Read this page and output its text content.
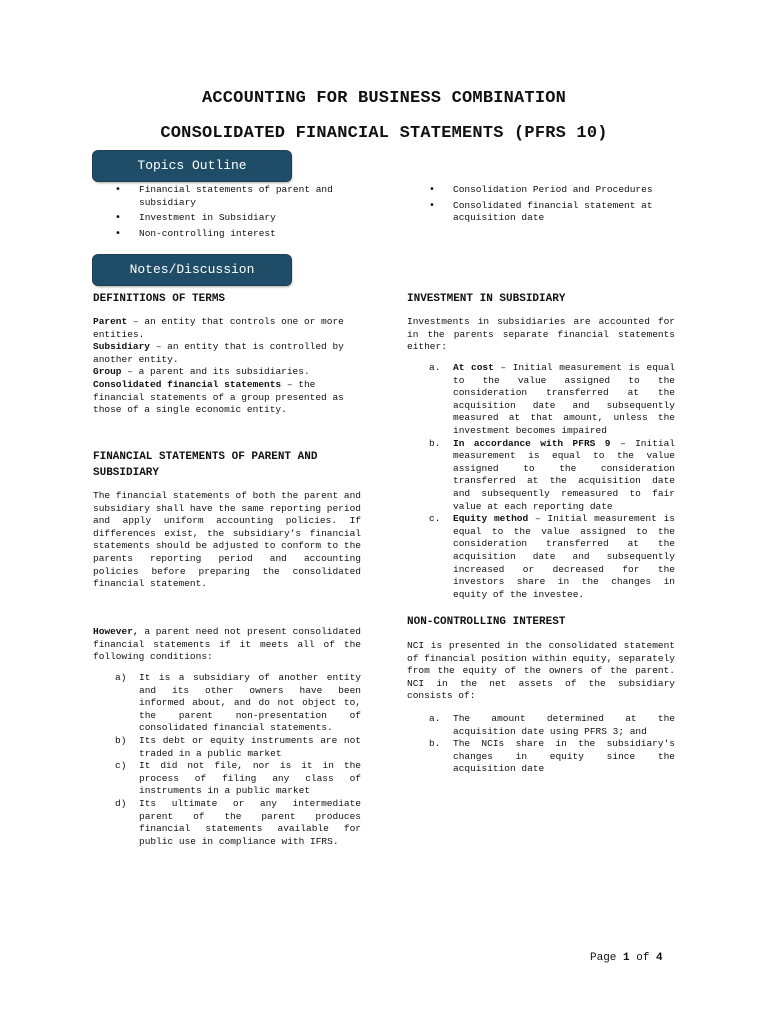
ACCOUNTING FOR BUSINESS COMBINATION
CONSOLIDATED FINANCIAL STATEMENTS (PFRS 10)
Topics Outline
• Financial statements of parent and subsidiary
• Investment in Subsidiary
• Non-controlling interest
• Consolidation Period and Procedures
• Consolidated financial statement at acquisition date
Notes/Discussion
DEFINITIONS OF TERMS
Parent – an entity that controls one or more entities.
Subsidiary – an entity that is controlled by another entity.
Group – a parent and its subsidiaries.
Consolidated financial statements – the financial statements of a group presented as those of a single economic entity.
FINANCIAL STATEMENTS OF PARENT AND SUBSIDIARY
The financial statements of both the parent and subsidiary shall have the same reporting period and apply uniform accounting policies. If differences exist, the subsidiary’s financial statements should be adjusted to conform to the parents reporting period and accounting policies before preparing the consolidated financial statement.
However, a parent need not present consolidated financial statements if it meets all of the following conditions:
a) It is a subsidiary of another entity and its other owners have been informed about, and do not object to, the parent non-presentation of consolidated financial statements.
b) Its debt or equity instruments are not traded in a public market
c) It did not file, nor is it in the process of filing any class of instruments in a public market
d) Its ultimate or any intermediate parent of the parent produces financial statements available for public use in compliance with IFRS.
INVESTMENT IN SUBSIDIARY
Investments in subsidiaries are accounted for in the parents separate financial statements either:
a. At cost – Initial measurement is equal to the value assigned to the consideration transferred at the acquisition date and subsequently measured at that amount, unless the investment becomes impaired
b. In accordance with PFRS 9 – Initial measurement is equal to the value assigned to the consideration transferred at the acquisition date and subsequently remeasured to fair value at each reporting date
c. Equity method – Initial measurement is equal to the value assigned to the consideration transferred at the acquisition date and subsequently increased or decreased for the investors share in the changes in equity of the investee.
NON-CONTROLLING INTEREST
NCI is presented in the consolidated statement of financial position within equity, separately from the equity of the owners of the parent. NCI in the net assets of the subsidiary consists of:
a. The amount determined at the acquisition date using PFRS 3; and
b. The NCIs share in the subsidiary's changes in equity since the acquisition date
Page 1 of 4
